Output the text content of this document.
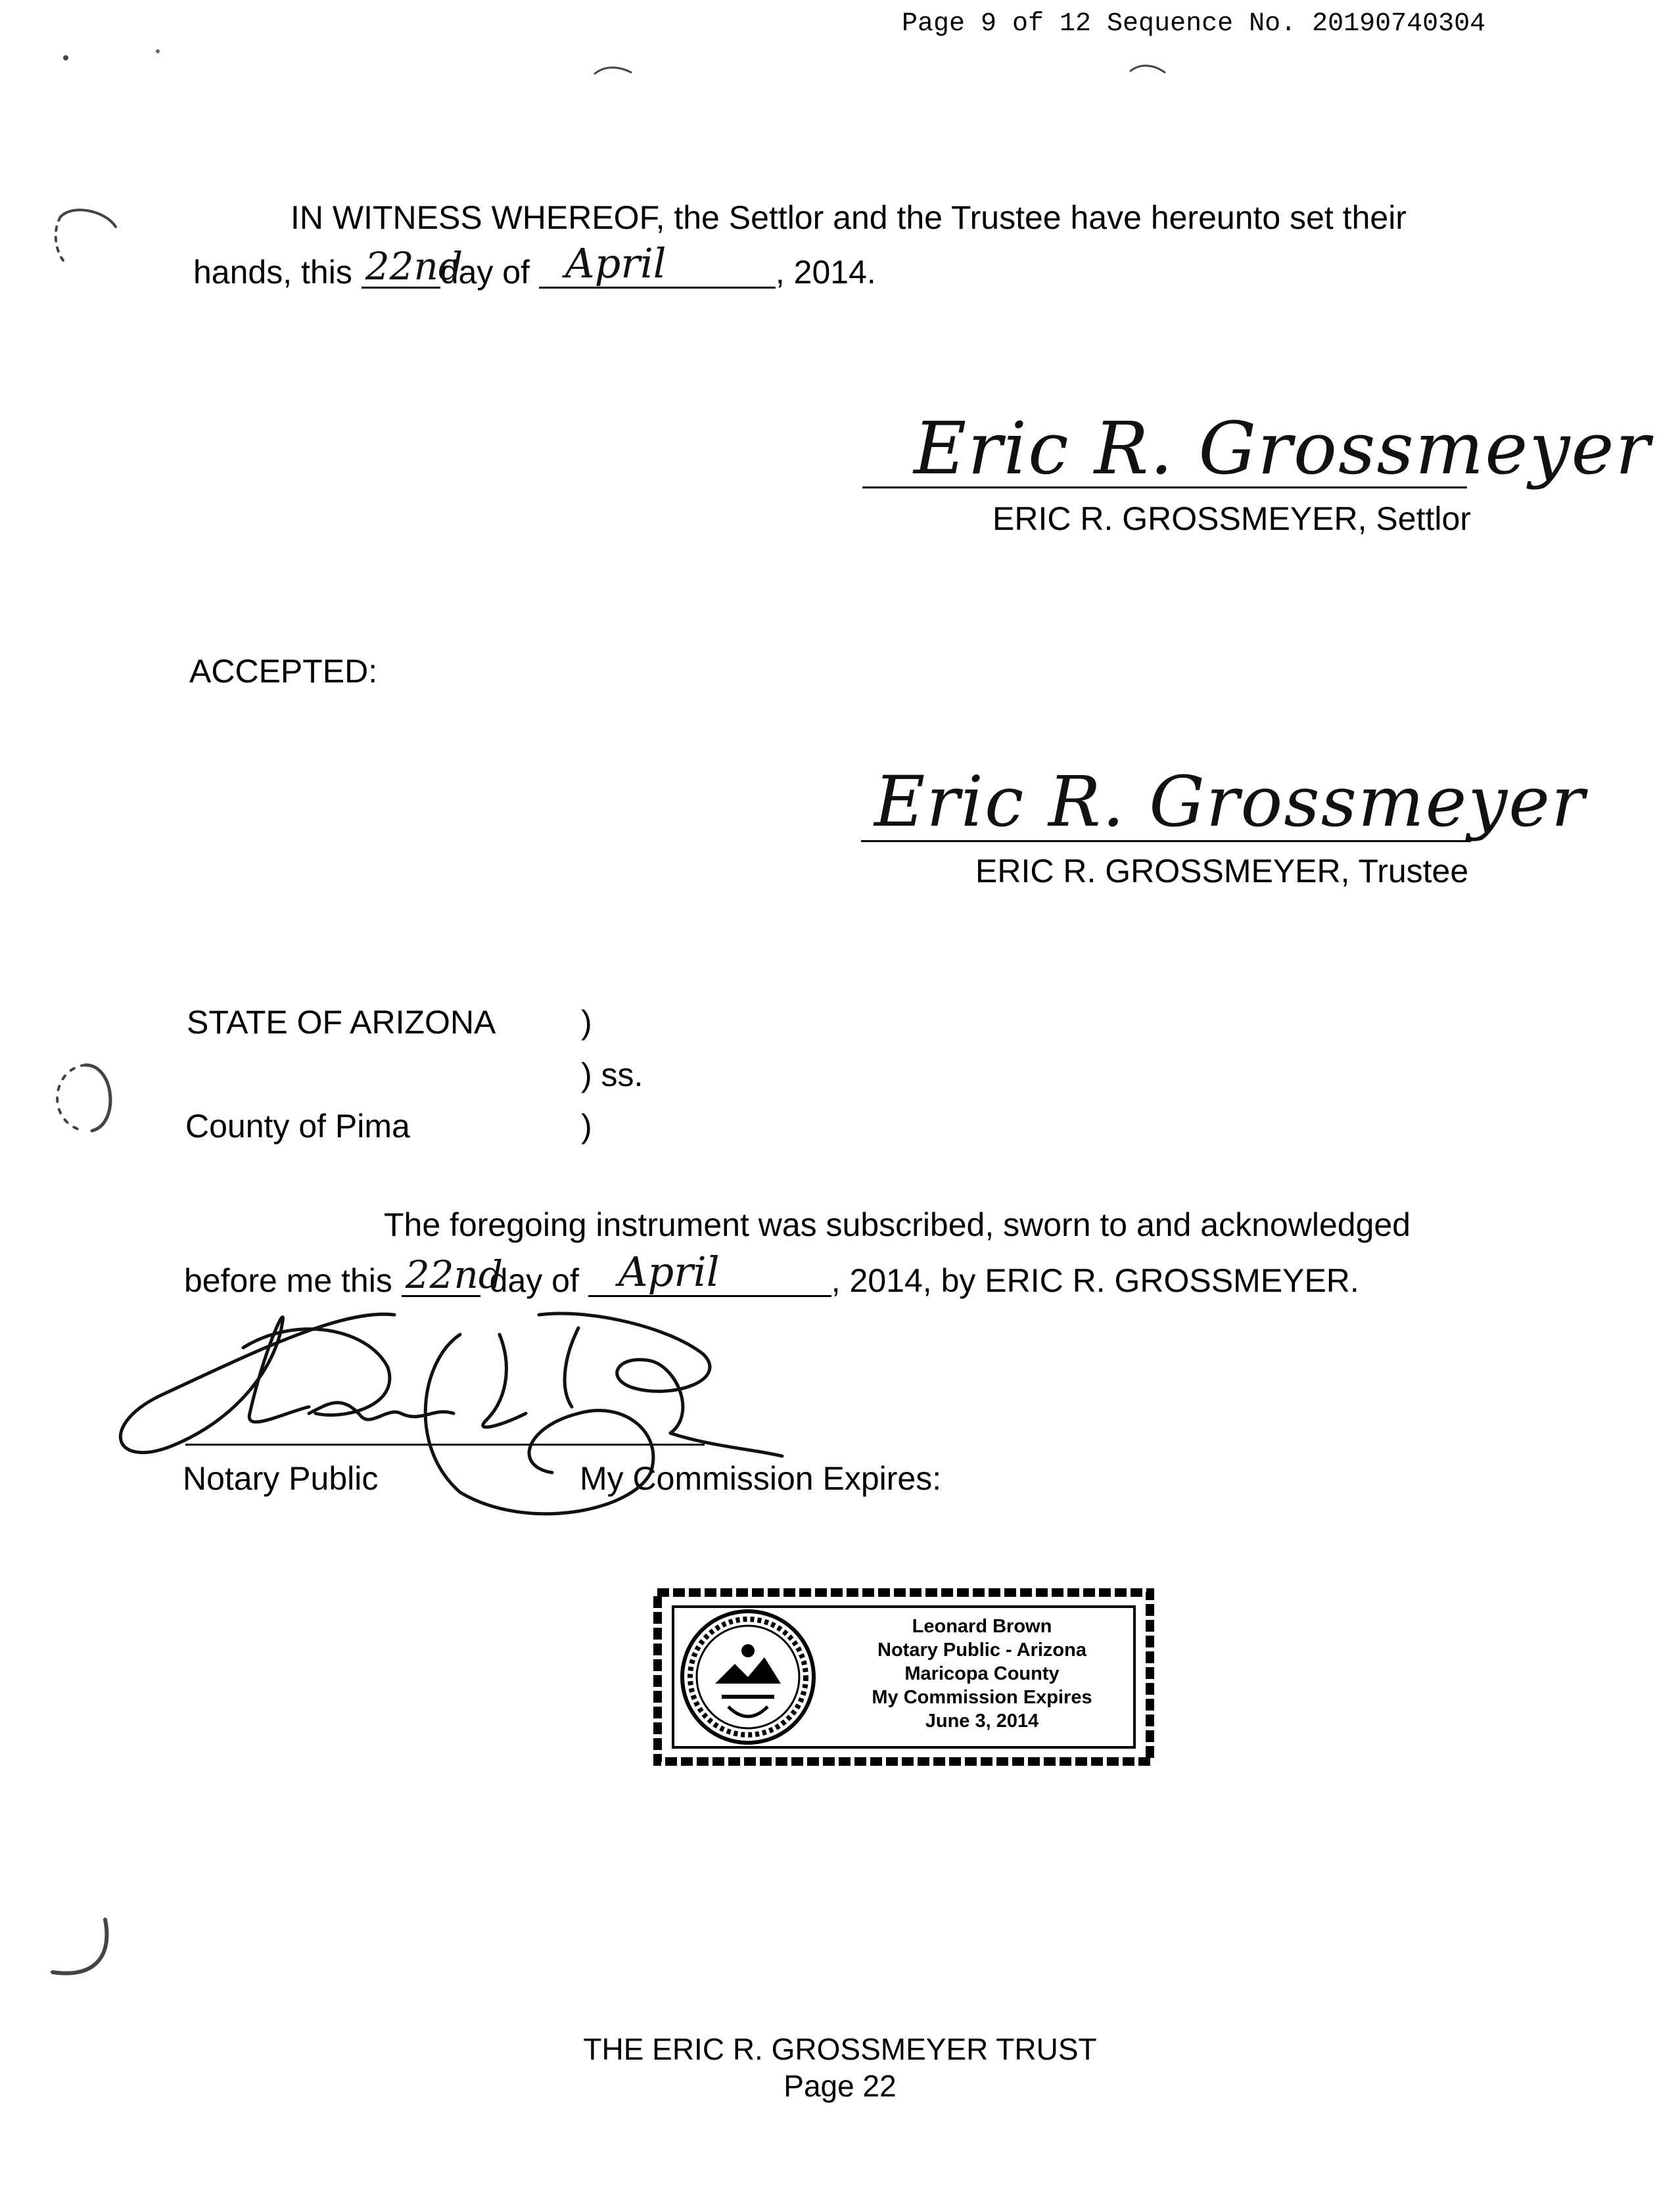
Page 9 of 12 Sequence No. 20190740304
IN WITNESS WHEREOF, the Settlor and the Trustee have hereunto set their
hands, this 22nd
day of April	, 2014.
Eric R. Grossmeyer
ERIC R. GROSSMEYER, Settlor
ACCEPTED:
Eric R. Grossmeyer
ERIC R. GROSSMEYER, Trustee
STATE OF ARIZONA	)
) ss.
County of Pima	)
The foregoing instrument was subscribed, sworn to and acknowledged
before me this 22nd
day of April	, 2014, by ERIC R. GROSSMEYER.
Notary Public	My Commission Expires:
Leonard Brown
Notary Public - Arizona
Maricopa County
My Commission Expires
June 3, 2014
THE ERIC R. GROSSMEYER TRUST
Page 22
